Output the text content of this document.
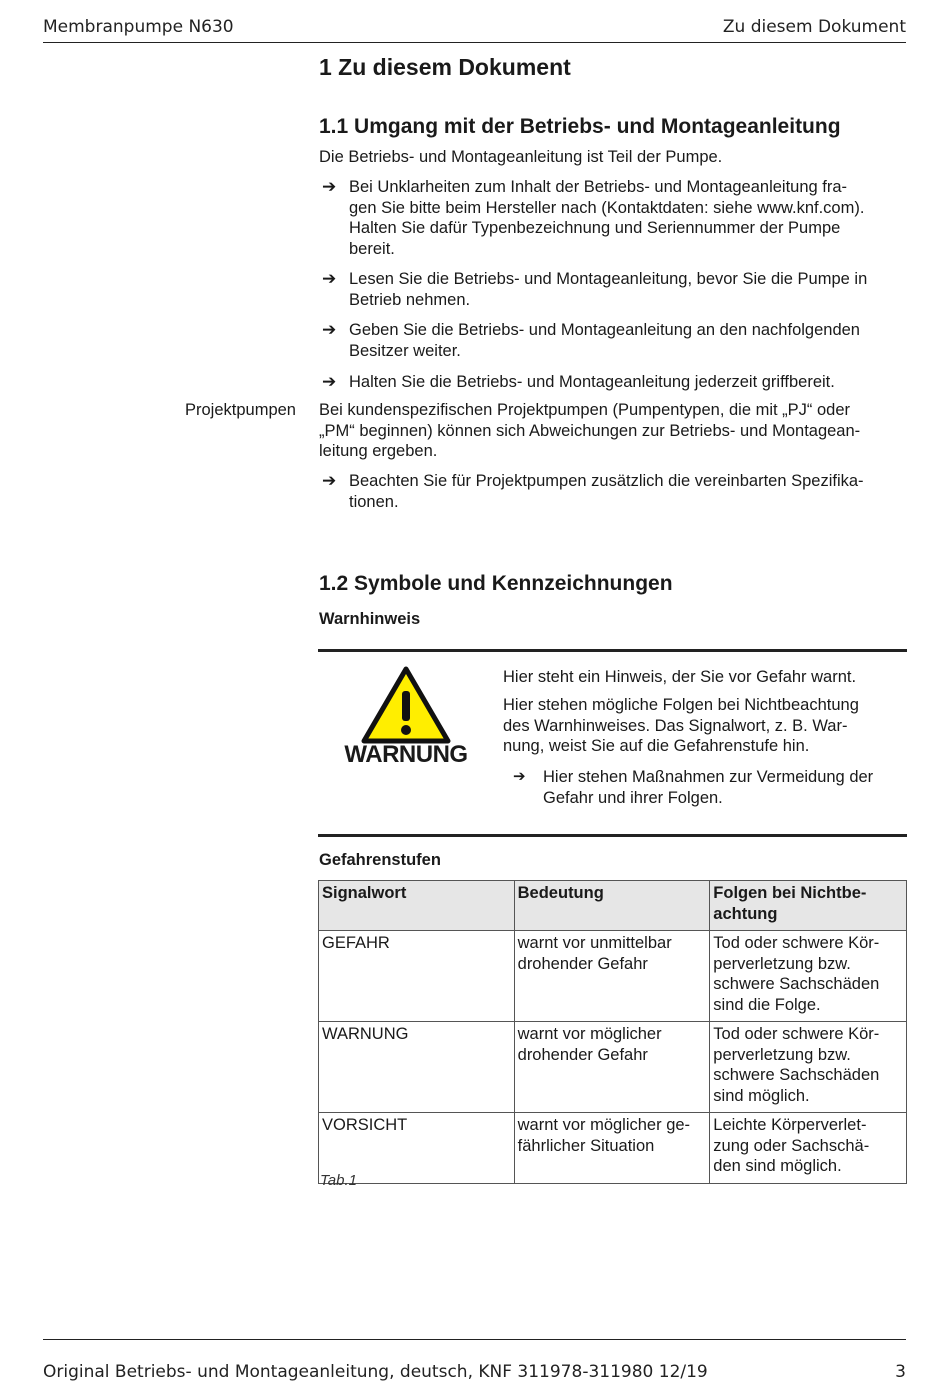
Membranpumpe N630	Zu diesem Dokument
1 Zu diesem Dokument
1.1 Umgang mit der Betriebs- und Montageanleitung
Die Betriebs- und Montageanleitung ist Teil der Pumpe.
➔ Bei Unklarheiten zum Inhalt der Betriebs- und Montageanleitung fra-
gen Sie bitte beim Hersteller nach (Kontaktdaten: siehe www.knf.com).
Halten Sie dafür Typenbezeichnung und Seriennummer der Pumpe
bereit.
➔ Lesen Sie die Betriebs- und Montageanleitung, bevor Sie die Pumpe in
Betrieb nehmen.
➔ Geben Sie die Betriebs- und Montageanleitung an den nachfolgenden
Besitzer weiter.
➔ Halten Sie die Betriebs- und Montageanleitung jederzeit griffbereit.
Projektpumpen Bei kundenspezifischen Projektpumpen (Pumpentypen, die mit „PJ“ oder
„PM“ beginnen) können sich Abweichungen zur Betriebs- und Montagean-
leitung ergeben.
➔ Beachten Sie für Projektpumpen zusätzlich die vereinbarten Spezifika-
tionen.
1.2 Symbole und Kennzeichnungen
Warnhinweis
WARNUNG
Hier steht ein Hinweis, der Sie vor Gefahr warnt.
Hier stehen mögliche Folgen bei Nichtbeachtung
des Warnhinweises. Das Signalwort, z. B. War-
nung, weist Sie auf die Gefahrenstufe hin.
➔ Hier stehen Maßnahmen zur Vermeidung der
Gefahr und ihrer Folgen.
Gefahrenstufen
Signalwort	Bedeutung	Folgen bei Nichtbe-
achtung

GEFAHR	warnt vor unmittelbar
drohender Gefahr	Tod oder schwere Kör-
perverletzung bzw.
schwere Sachschäden
sind die Folge.

WARNUNG	warnt vor möglicher
drohender Gefahr	Tod oder schwere Kör-
perverletzung bzw.
schwere Sachschäden
sind möglich.

VORSICHT	warnt vor möglicher ge-
fährlicher Situation	Leichte Körperverlet-
zung oder Sachschä-
den sind möglich.
Tab.1
Original Betriebs- und Montageanleitung, deutsch, KNF 311978-311980 12/19	3
